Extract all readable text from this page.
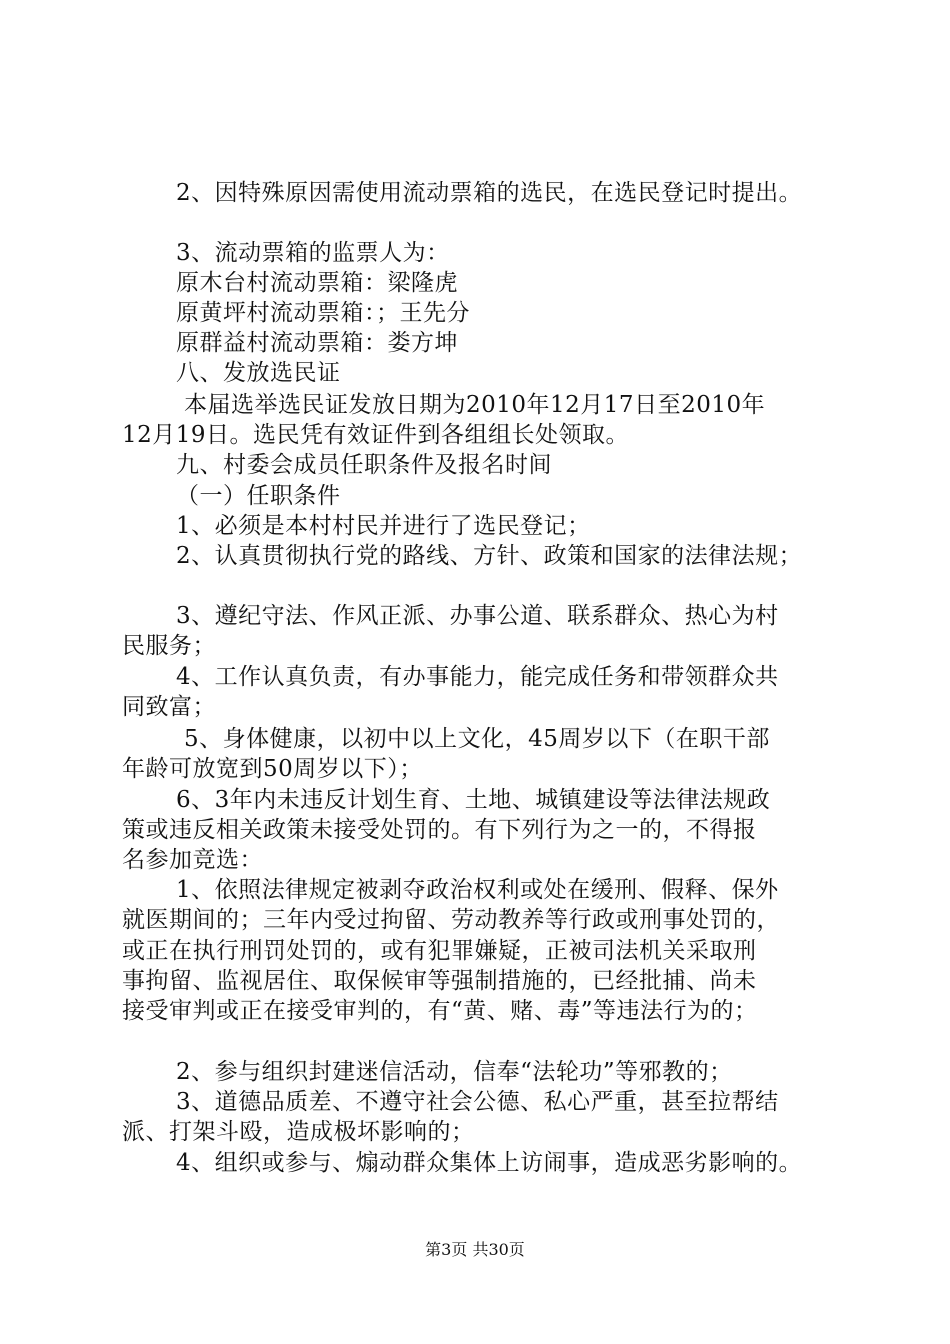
2、因特殊原因需使用流动票箱的选民，在选民登记时提出。
3、流动票箱的监票人为：
原木台村流动票箱：梁隆虎
原黄坪村流动票箱：；王先分
原群益村流动票箱：娄方坤
八、发放选民证
本届选举选民证发放日期为2010年12月17日至2010年
12月19日。选民凭有效证件到各组组长处领取。
九、村委会成员任职条件及报名时间
（一）任职条件
1、必须是本村村民并进行了选民登记；
2、认真贯彻执行党的路线、方针、政策和国家的法律法规；
3、遵纪守法、作风正派、办事公道、联系群众、热心为村
民服务；
4、工作认真负责，有办事能力，能完成任务和带领群众共
同致富；
5、身体健康，以初中以上文化，45周岁以下（在职干部
年龄可放宽到50周岁以下）；
6、3年内未违反计划生育、土地、城镇建设等法律法规政
策或违反相关政策未接受处罚的。有下列行为之一的，不得报
名参加竞选：
1、依照法律规定被剥夺政治权利或处在缓刑、假释、保外
就医期间的；三年内受过拘留、劳动教养等行政或刑事处罚的，
或正在执行刑罚处罚的，或有犯罪嫌疑，正被司法机关采取刑
事拘留、监视居住、取保候审等强制措施的，已经批捕、尚未
接受审判或正在接受审判的，有“黄、赌、毒”等违法行为的；
2、参与组织封建迷信活动，信奉“法轮功”等邪教的；
3、道德品质差、不遵守社会公德、私心严重，甚至拉帮结
派、打架斗殴，造成极坏影响的；
4、组织或参与、煽动群众集体上访闹事，造成恶劣影响的。
第3页 共30页
